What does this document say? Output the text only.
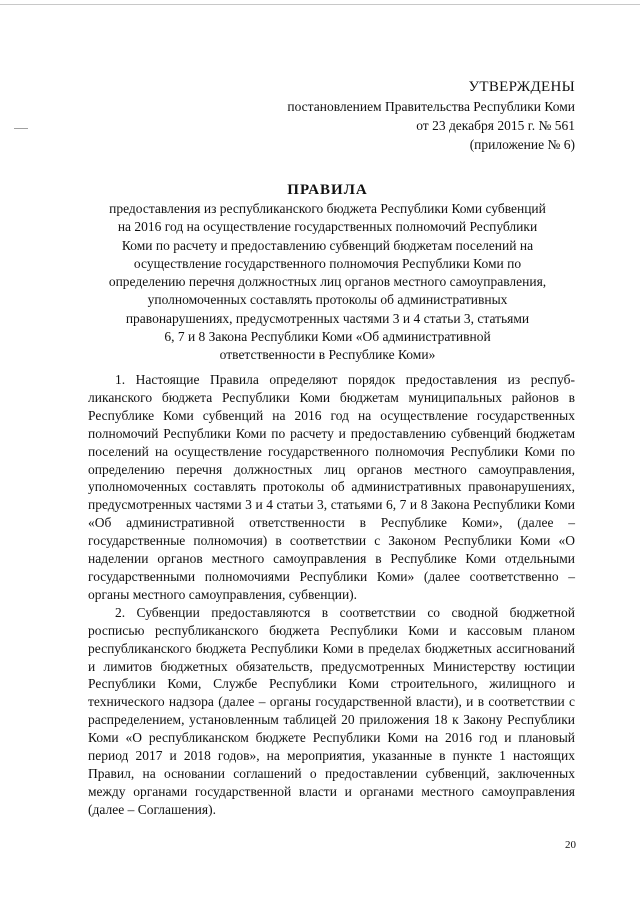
УТВЕРЖДЕНЫ
постановлением Правительства Республики Коми
от 23 декабря 2015 г. № 561
(приложение № 6)
ПРАВИЛА
предоставления из республиканского бюджета Республики Коми субвенций
на 2016 год на осуществление государственных полномочий Республики
Коми по расчету и предоставлению субвенций бюджетам поселений на
осуществление государственного полномочия Республики Коми по
определению перечня должностных лиц органов местного самоуправления,
уполномоченных составлять протоколы об административных
правонарушениях, предусмотренных частями 3 и 4 статьи 3, статьями
6, 7 и 8 Закона Республики Коми «Об административной
ответственности в Республике Коми»

1. Настоящие Правила определяют порядок предоставления из республиканского бюджета Республики Коми бюджетам муниципальных районов в Республике Коми субвенций на 2016 год на осуществление государственных полномочий Республики Коми по расчету и предоставлению субвенций бюджетам поселений на осуществление государственного полномочия Республики Коми по определению перечня должностных лиц органов местного самоуправления, уполномоченных составлять протоколы об административных правонарушениях, предусмотренных частями 3 и 4 статьи 3, статьями 6, 7 и 8 Закона Республики Коми «Об административной ответственности в Республике Коми», (далее – государственные полномочия) в соответствии с Законом Республики Коми «О наделении органов местного самоуправления в Республике Коми отдельными государственными полномочиями Республики Коми» (далее соответственно – органы местного самоуправления, субвенции).

2. Субвенции предоставляются в соответствии со сводной бюджетной росписью республиканского бюджета Республики Коми и кассовым планом республиканского бюджета Республики Коми в пределах бюджетных ассигнований и лимитов бюджетных обязательств, предусмотренных Министерству юстиции Республики Коми, Службе Республики Коми строительного, жилищного и технического надзора (далее – органы государственной власти), и в соответствии с распределением, установленным таблицей 20 приложения 18 к Закону Республики Коми «О республиканском бюджете Республики Коми на 2016 год и плановый период 2017 и 2018 годов», на мероприятия, указанные в пункте 1 настоящих Правил, на основании соглашений о предоставлении субвенций, заключенных между органами государственной власти и органами местного самоуправления (далее – Соглашения).

20
